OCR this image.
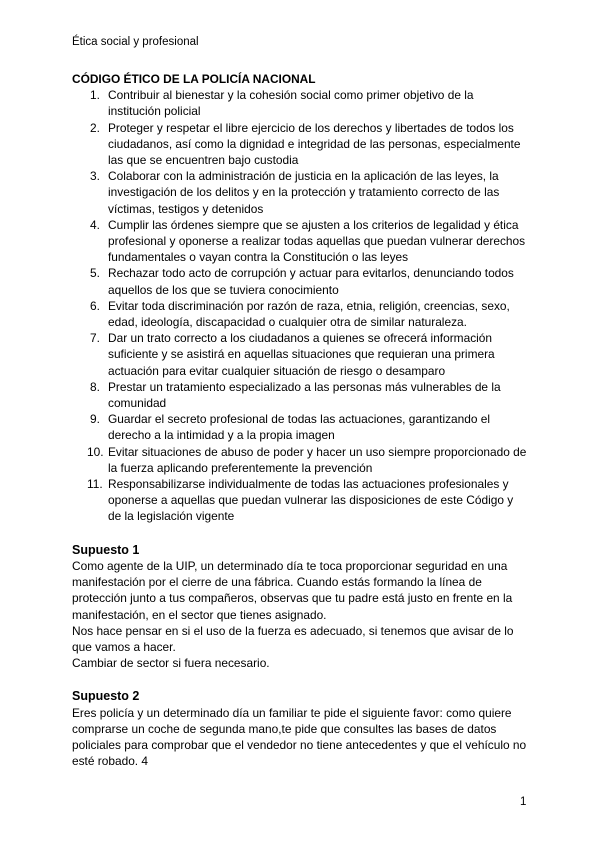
Ética social y profesional

CÓDIGO ÉTICO DE LA POLICÍA NACIONAL

1. Contribuir al bienestar y la cohesión social como primer objetivo de la institución policial
2. Proteger y respetar el libre ejercicio de los derechos y libertades de todos los ciudadanos, así como la dignidad e integridad de las personas, especialmente las que se encuentren bajo custodia
3. Colaborar con la administración de justicia en la aplicación de las leyes, la investigación de los delitos y en la protección y tratamiento correcto de las víctimas, testigos y detenidos
4. Cumplir las órdenes siempre que se ajusten a los criterios de legalidad y ética profesional y oponerse a realizar todas aquellas que puedan vulnerar derechos fundamentales o vayan contra la Constitución o las leyes
5. Rechazar todo acto de corrupción y actuar para evitarlos, denunciando todos aquellos de los que se tuviera conocimiento
6. Evitar toda discriminación por razón de raza, etnia, religión, creencias, sexo, edad, ideología, discapacidad o cualquier otra de similar naturaleza.
7. Dar un trato correcto a los ciudadanos a quienes se ofrecerá información suficiente y se asistirá en aquellas situaciones que requieran una primera actuación para evitar cualquier situación de riesgo o desamparo
8. Prestar un tratamiento especializado a las personas más vulnerables de la comunidad
9. Guardar el secreto profesional de todas las actuaciones, garantizando el derecho a la intimidad y a la propia imagen
10. Evitar situaciones de abuso de poder y hacer un uso siempre proporcionado de la fuerza aplicando preferentemente la prevención
11. Responsabilizarse individualmente de todas las actuaciones profesionales y oponerse a aquellas que puedan vulnerar las disposiciones de este Código y de la legislación vigente
Supuesto 1

Como agente de la UIP, un determinado día te toca proporcionar seguridad en una manifestación por el cierre de una fábrica. Cuando estás formando la línea de protección junto a tus compañeros, observas que tu padre está justo en frente en la manifestación, en el sector que tienes asignado.

Nos hace pensar en si el uso de la fuerza es adecuado, si tenemos que avisar de lo que vamos a hacer.

Cambiar de sector si fuera necesario.

Supuesto 2

Eres policía y un determinado día un familiar te pide el siguiente favor: como quiere comprarse un coche de segunda mano,te pide que consultes las bases de datos policiales para comprobar que el vendedor no tiene antecedentes y que el vehículo no esté robado. 4

1
